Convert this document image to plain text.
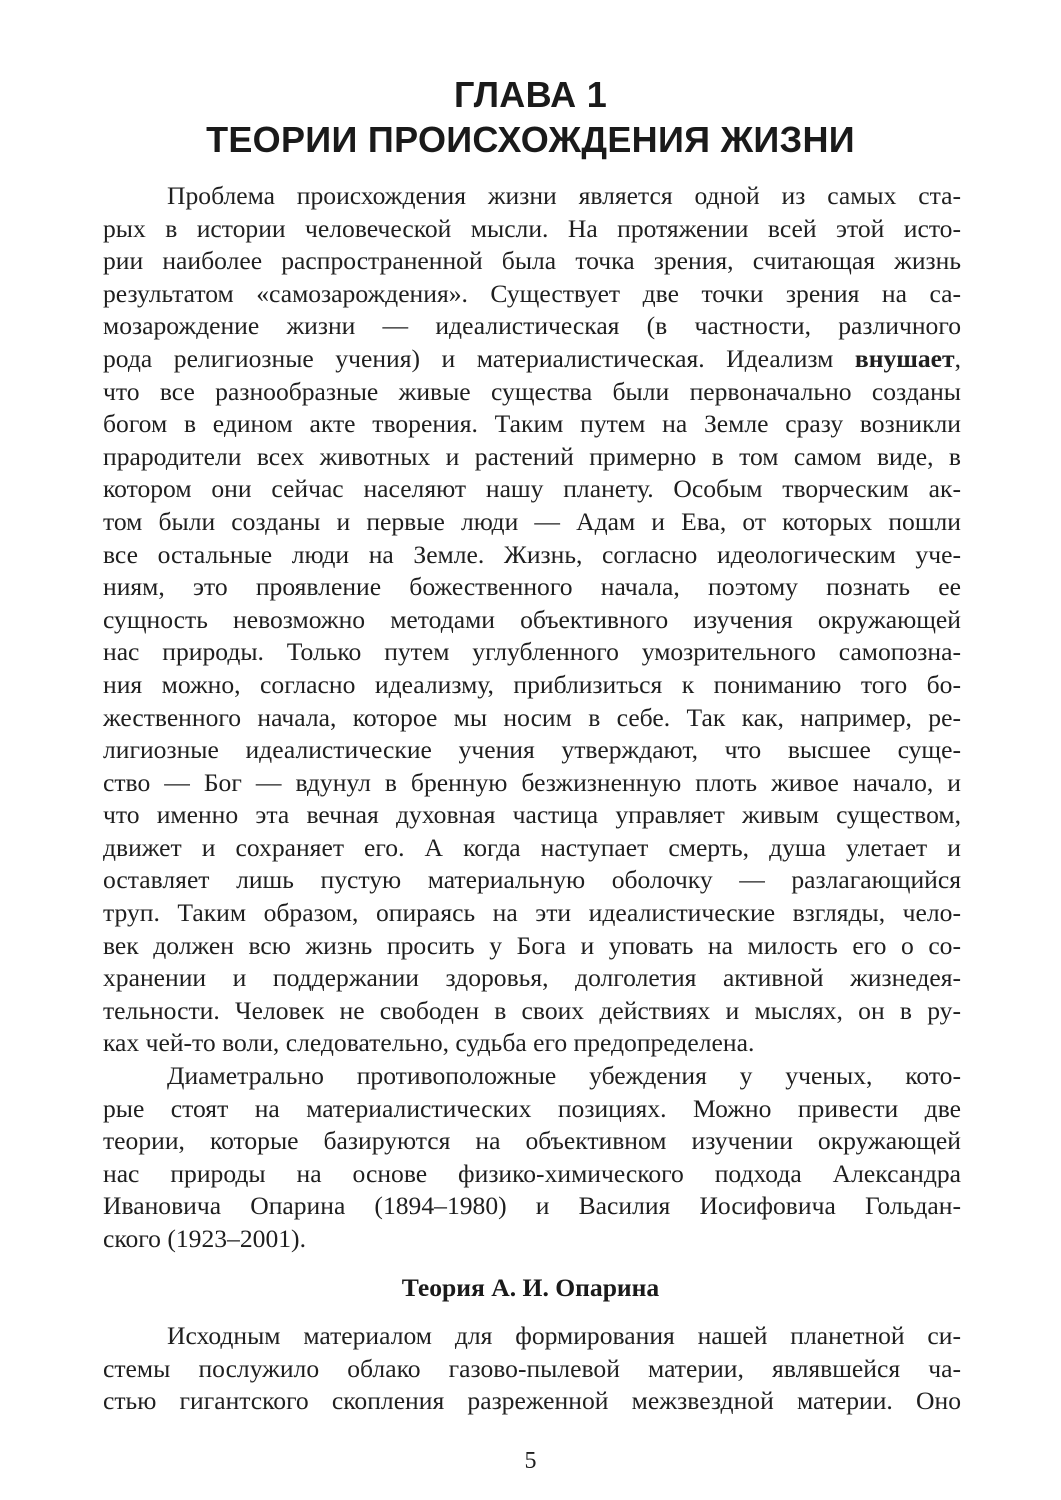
ГЛАВА 1
ТЕОРИИ ПРОИСХОЖДЕНИЯ ЖИЗНИ
Проблема происхождения жизни является одной из самых ста-
рых в истории человеческой мысли. На протяжении всей этой исто-
рии наиболее распространенной была точка зрения, считающая жизнь
результатом «самозарождения». Существует две точки зрения на са-
мозарождение жизни — идеалистическая (в частности, различного
рода религиозные учения) и материалистическая. Идеализм внушает,
что все разнообразные живые существа были первоначально созданы
богом в едином акте творения. Таким путем на Земле сразу возникли
прародители всех животных и растений примерно в том самом виде, в
котором они сейчас населяют нашу планету. Особым творческим ак-
том были созданы и первые люди — Адам и Ева, от которых пошли
все остальные люди на Земле. Жизнь, согласно идеологическим уче-
ниям, это проявление божественного начала, поэтому познать ее
сущность невозможно методами объективного изучения окружающей
нас природы. Только путем углубленного умозрительного самопозна-
ния можно, согласно идеализму, приблизиться к пониманию того бо-
жественного начала, которое мы носим в себе. Так как, например, ре-
лигиозные идеалистические учения утверждают, что высшее суще-
ство — Бог — вдунул в бренную безжизненную плоть живое начало, и
что именно эта вечная духовная частица управляет живым существом,
движет и сохраняет его. А когда наступает смерть, душа улетает и
оставляет лишь пустую материальную оболочку — разлагающийся
труп. Таким образом, опираясь на эти идеалистические взгляды, чело-
век должен всю жизнь просить у Бога и уповать на милость его о со-
хранении и поддержании здоровья, долголетия активной жизнедея-
тельности. Человек не свободен в своих действиях и мыслях, он в ру-
ках чей-то воли, следовательно, судьба его предопределена.
Диаметрально противоположные убеждения у ученых, кото-
рые стоят на материалистических позициях. Можно привести две
теории, которые базируются на объективном изучении окружающей
нас природы на основе физико-химического подхода Александра
Ивановича Опарина (1894–1980) и Василия Иосифовича Гольдан-
ского (1923–2001).
Теория А. И. Опарина
Исходным материалом для формирования нашей планетной си-
стемы послужило облако газово-пылевой материи, являвшейся ча-
стью гигантского скопления разреженной межзвездной материи. Оно
5
